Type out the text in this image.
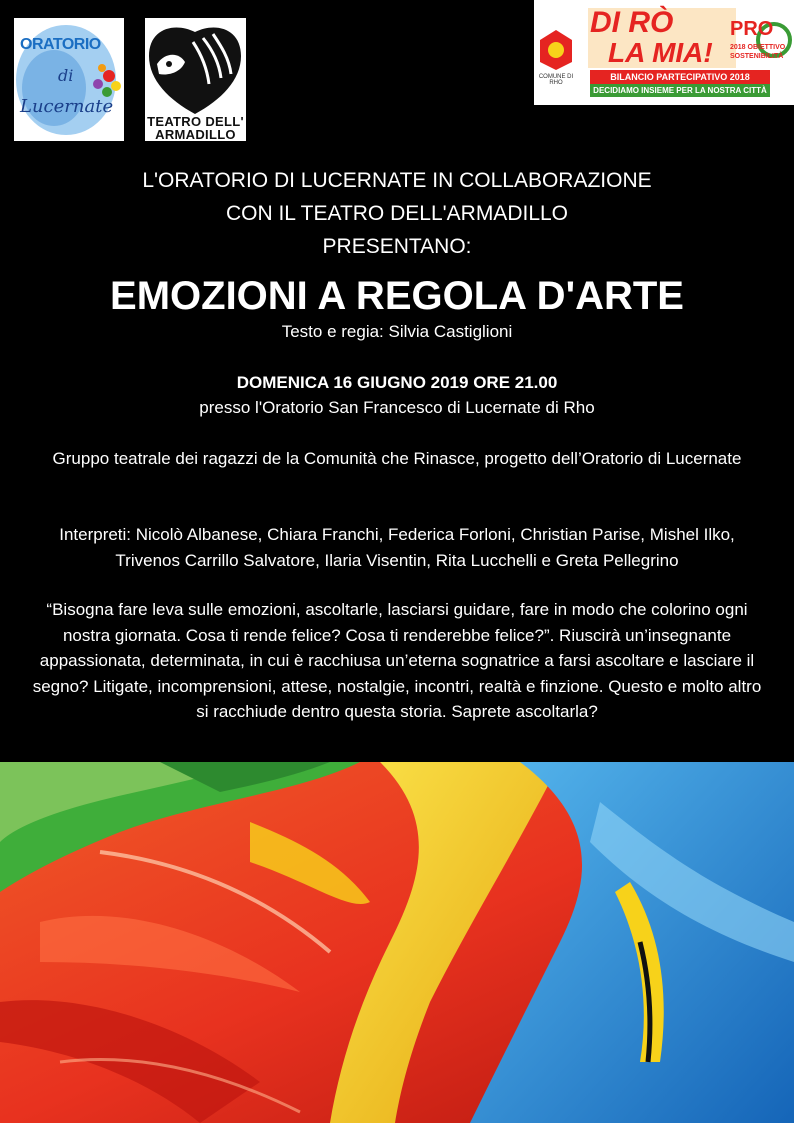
ORATORIO
di
Lucernate
TEATRO DELL'
ARMADILLO
COMUNE DI RHO
DI RÒ
LA MIA!
PRO
2018 OBIETTIVO
SOSTENIBILITÀ
BILANCIO PARTECIPATIVO 2018
DECIDIAMO INSIEME PER LA NOSTRA CITTÀ
L'ORATORIO DI LUCERNATE IN COLLABORAZIONE
CON IL TEATRO DELL'ARMADILLO
PRESENTANO:
EMOZIONI A REGOLA D'ARTE
Testo e regia: Silvia Castiglioni
DOMENICA 16 GIUGNO 2019 ORE 21.00
presso l'Oratorio San Francesco di Lucernate di Rho
Gruppo teatrale dei ragazzi de la Comunità che Rinasce, progetto dell’Oratorio di Lucernate
Interpreti: Nicolò Albanese, Chiara Franchi, Federica Forloni, Christian Parise, Mishel Ilko, Trivenos Carrillo Salvatore, Ilaria Visentin, Rita Lucchelli e Greta Pellegrino
“Bisogna fare leva sulle emozioni, ascoltarle, lasciarsi guidare, fare in modo che colorino ogni nostra giornata. Cosa ti rende felice? Cosa ti renderebbe felice?”. Riuscirà un’insegnante appassionata, determinata, in cui è racchiusa un’eterna sognatrice a farsi ascoltare e lasciare il segno? Litigate, incomprensioni, attese, nostalgie, incontri, realtà e finzione. Questo e molto altro si racchiude dentro questa storia. Saprete ascoltarla?
